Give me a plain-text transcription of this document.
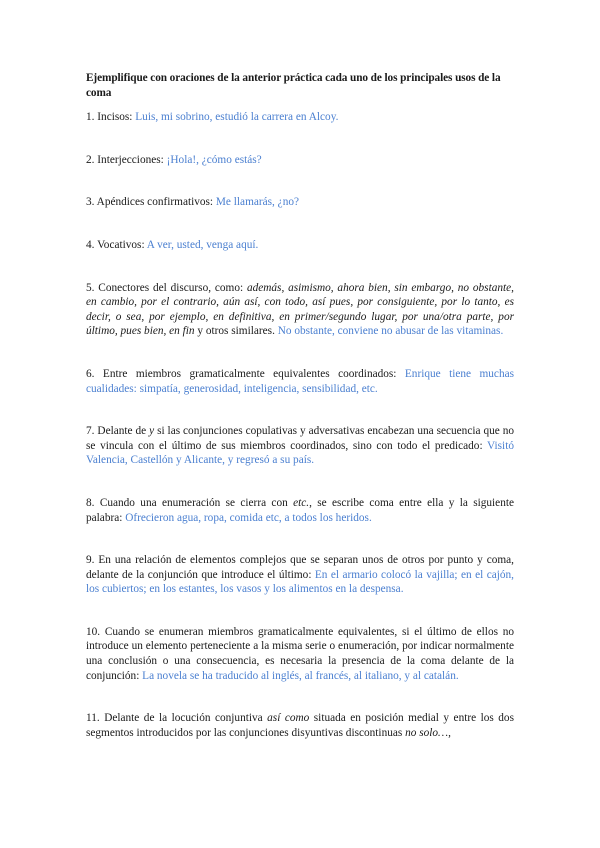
Ejemplifique con oraciones de la anterior práctica cada uno de los principales usos de la coma

1. Incisos: Luis, mi sobrino, estudió la carrera en Alcoy.

2. Interjecciones: ¡Hola!, ¿cómo estás?

3. Apéndices confirmativos: Me llamarás, ¿no?

4. Vocativos: A ver, usted, venga aquí.

5. Conectores del discurso, como: además, asimismo, ahora bien, sin embargo, no obstante, en cambio, por el contrario, aún así, con todo, así pues, por consiguiente, por lo tanto, es decir, o sea, por ejemplo, en definitiva, en primer/segundo lugar, por una/otra parte, por último, pues bien, en fin y otros similares. No obstante, conviene no abusar de las vitaminas.

6. Entre miembros gramaticalmente equivalentes coordinados: Enrique tiene muchas cualidades: simpatía, generosidad, inteligencia, sensibilidad, etc.

7. Delante de y si las conjunciones copulativas y adversativas encabezan una secuencia que no se vincula con el último de sus miembros coordinados, sino con todo el predicado: Visitó Valencia, Castellón y Alicante, y regresó a su país.

8. Cuando una enumeración se cierra con etc., se escribe coma entre ella y la siguiente palabra: Ofrecieron agua, ropa, comida etc, a todos los heridos.

9. En una relación de elementos complejos que se separan unos de otros por punto y coma, delante de la conjunción que introduce el último: En el armario colocó la vajilla; en el cajón, los cubiertos; en los estantes, los vasos y los alimentos en la despensa.

10. Cuando se enumeran miembros gramaticalmente equivalentes, si el último de ellos no introduce un elemento perteneciente a la misma serie o enumeración, por indicar normalmente una conclusión o una consecuencia, es necesaria la presencia de la coma delante de la conjunción: La novela se ha traducido al inglés, al francés, al italiano, y al catalán.

11. Delante de la locución conjuntiva así como situada en posición medial y entre los dos segmentos introducidos por las conjunciones disyuntivas discontinuas no solo…,
